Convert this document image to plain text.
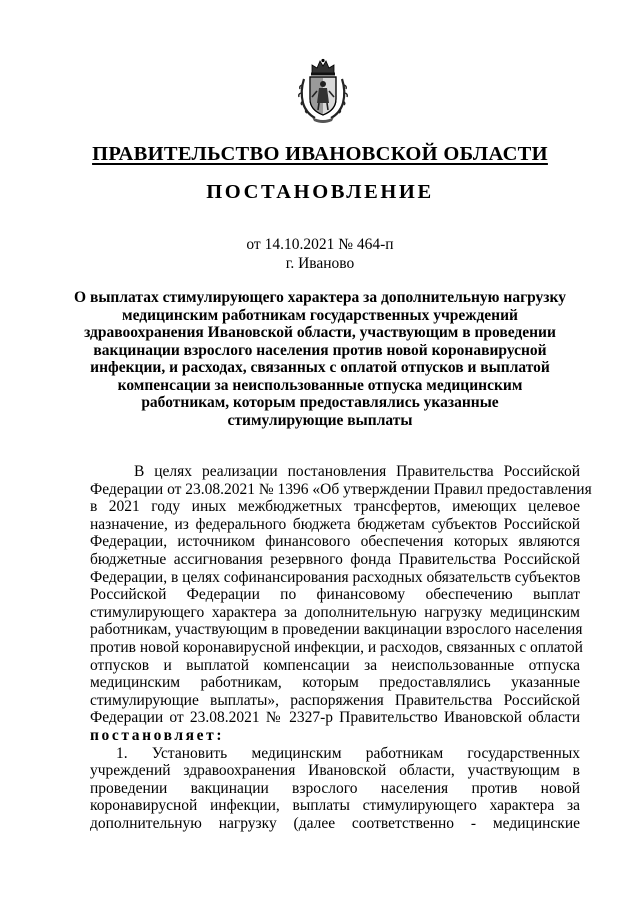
ПРАВИТЕЛЬСТВО ИВАНОВСКОЙ ОБЛАСТИ
ПОСТАНОВЛЕНИЕ
от 14.10.2021 № 464-п
г. Иваново
О выплатах стимулирующего характера за дополнительную нагрузку
медицинским работникам государственных учреждений
здравоохранения Ивановской области, участвующим в проведении
вакцинации взрослого населения против новой коронавирусной
инфекции, и расходах, связанных с оплатой отпусков и выплатой
компенсации за неиспользованные отпуска медицинским
работникам, которым предоставлялись указанные
стимулирующие выплаты
В целях реализации постановления Правительства Российской
Федерации от 23.08.2021 № 1396 «Об утверждении Правил предоставления
в 2021 году иных межбюджетных трансфертов, имеющих целевое
назначение, из федерального бюджета бюджетам субъектов Российской
Федерации, источником финансового обеспечения которых являются
бюджетные ассигнования резервного фонда Правительства Российской
Федерации, в целях софинансирования расходных обязательств субъектов
Российской Федерации по финансовому обеспечению выплат
стимулирующего характера за дополнительную нагрузку медицинским
работникам, участвующим в проведении вакцинации взрослого населения
против новой коронавирусной инфекции, и расходов, связанных с оплатой
отпусков и выплатой компенсации за неиспользованные отпуска
медицинским работникам, которым предоставлялись указанные
стимулирующие выплаты», распоряжения Правительства Российской
Федерации от 23.08.2021 № 2327-р Правительство Ивановской области
постановляет:
1. Установить медицинским работникам государственных
учреждений здравоохранения Ивановской области, участвующим в
проведении вакцинации взрослого населения против новой
коронавирусной инфекции, выплаты стимулирующего характера за
дополнительную нагрузку (далее соответственно - медицинские
